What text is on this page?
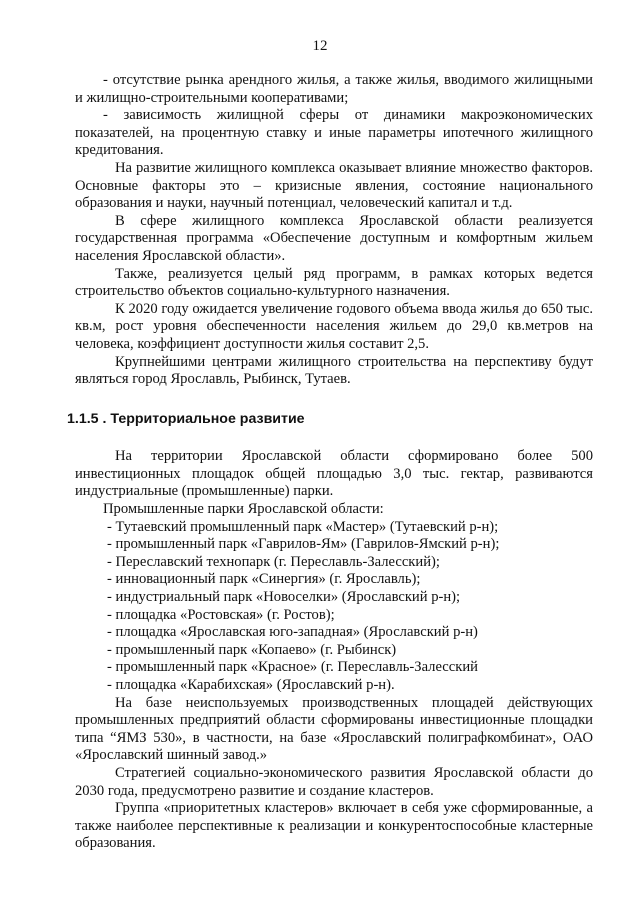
12

- отсутствие рынка арендного жилья, а также жилья, вводимого жилищными и жилищно-строительными кооперативами;

- зависимость жилищной сферы от динамики макроэкономических показателей, на процентную ставку и иные параметры ипотечного жилищного кредитования.

На развитие жилищного комплекса оказывает влияние множество факторов. Основные факторы это – кризисные явления, состояние национального образования и науки, научный потенциал, человеческий капитал и т.д.

В сфере жилищного комплекса Ярославской области реализуется государственная программа «Обеспечение доступным и комфортным жильем населения Ярославской области».

Также, реализуется целый ряд программ, в рамках которых ведется строительство объектов социально-культурного назначения.

К 2020 году ожидается увеличение годового объема ввода жилья до 650 тыс. кв.м, рост уровня обеспеченности населения жильем до 29,0 кв.метров на человека, коэффициент доступности жилья составит 2,5.

Крупнейшими центрами жилищного строительства на перспективу будут являться город Ярославль, Рыбинск, Тутаев.

1.1.5 . Территориальное развитие

На территории Ярославской области сформировано более 500 инвестиционных площадок общей площадью 3,0 тыс. гектар, развиваются индустриальные (промышленные) парки.

Промышленные парки Ярославской области:

- Тутаевский промышленный парк «Мастер» (Тутаевский р-н);

- промышленный парк «Гаврилов-Ям» (Гаврилов-Ямский р-н);

- Переславский технопарк (г. Переславль-Залесский);

- инновационный парк «Синергия» (г. Ярославль);

- индустриальный парк «Новоселки» (Ярославский р-н);

- площадка «Ростовская» (г. Ростов);

- площадка «Ярославская юго-западная» (Ярославский р-н)

- промышленный парк «Копаево» (г. Рыбинск)

- промышленный парк «Красное» (г. Переславль-Залесский

- площадка «Карабихская» (Ярославский р-н).

На базе неиспользуемых производственных площадей действующих промышленных предприятий области сформированы инвестиционные площадки типа “ЯМЗ 530», в частности, на базе «Ярославский полиграфкомбинат», ОАО «Ярославский шинный завод.»

Стратегией социально-экономического развития Ярославской области до 2030 года, предусмотрено развитие и создание кластеров.

Группа «приоритетных кластеров» включает в себя уже сформированные, а также наиболее перспективные к реализации и конкурентоспособные кластерные образования.
